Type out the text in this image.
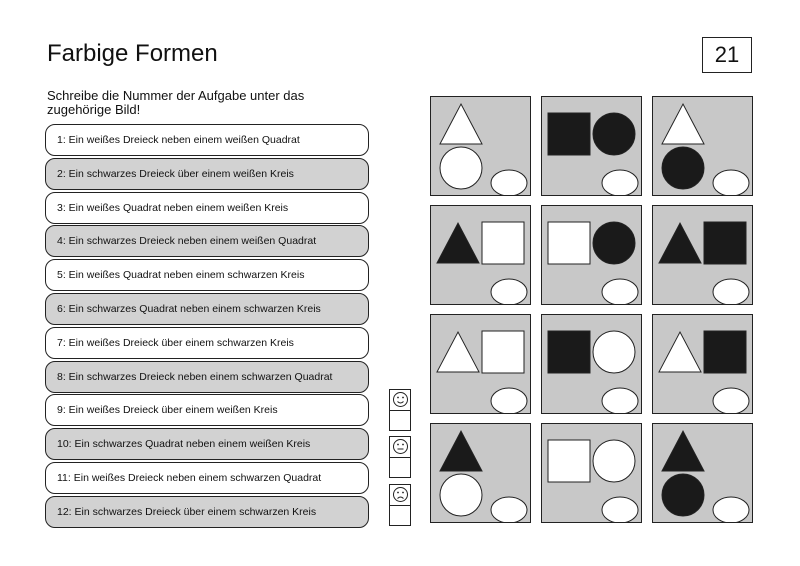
Farbige Formen	21
Schreibe die Nummer der Aufgabe unter das zugehörige Bild!
1: Ein weißes Dreieck neben einem weißen Quadrat
2: Ein schwarzes Dreieck über einem weißen Kreis
3: Ein weißes Quadrat neben einem weißen Kreis
4: Ein schwarzes Dreieck neben einem weißen Quadrat
5: Ein weißes Quadrat neben einem schwarzen Kreis
6: Ein schwarzes Quadrat neben einem schwarzen Kreis
7: Ein weißes Dreieck über einem schwarzen Kreis
8: Ein schwarzes Dreieck neben einem schwarzen Quadrat
9: Ein weißes Dreieck über einem weißen Kreis
10: Ein schwarzes Quadrat neben einem weißen Kreis
11: Ein weißes Dreieck neben einem schwarzen Quadrat
12: Ein schwarzes Dreieck über einem schwarzen Kreis
